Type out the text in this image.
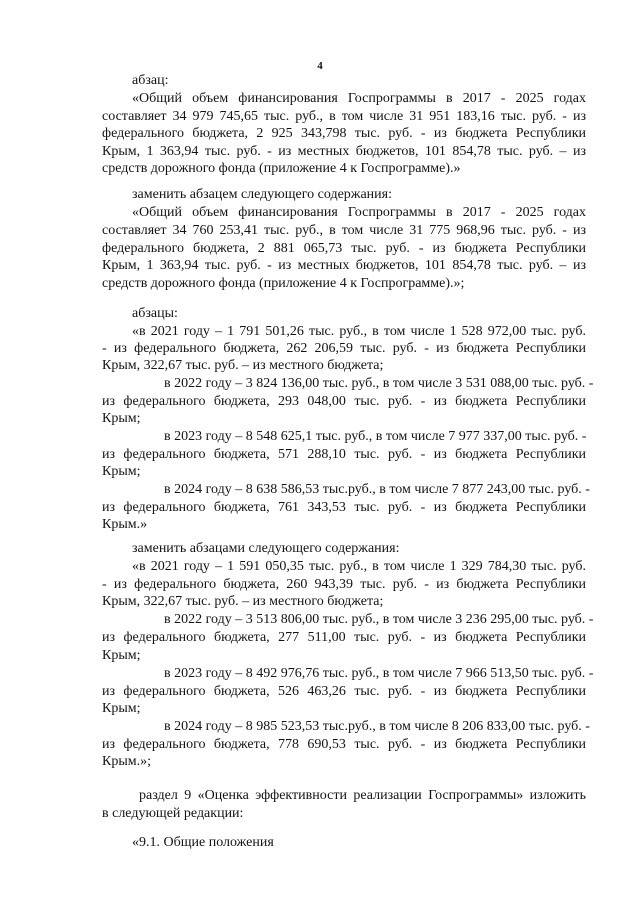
4
абзац:
«Общий объем финансирования Госпрограммы в 2017 - 2025 годах
составляет 34 979 745,65 тыс. руб., в том числе 31 951 183,16 тыс. руб. - из
федерального бюджета, 2 925 343,798 тыс. руб. - из бюджета Республики
Крым, 1 363,94 тыс. руб. - из местных бюджетов, 101 854,78 тыс. руб. – из
средств дорожного фонда (приложение 4 к Госпрограмме).»
заменить абзацем следующего содержания:
«Общий объем финансирования Госпрограммы в 2017 - 2025 годах
составляет 34 760 253,41 тыс. руб., в том числе 31 775 968,96 тыс. руб. - из
федерального бюджета, 2 881 065,73 тыс. руб. - из бюджета Республики
Крым, 1 363,94 тыс. руб. - из местных бюджетов, 101 854,78 тыс. руб. – из
средств дорожного фонда (приложение 4 к Госпрограмме).»;
абзацы:
«в 2021 году – 1 791 501,26 тыс. руб., в том числе 1 528 972,00 тыс. руб.
- из федерального бюджета, 262 206,59 тыс. руб. - из бюджета Республики
Крым, 322,67 тыс. руб. – из местного бюджета;
в 2022 году – 3 824 136,00 тыс. руб., в том числе 3 531 088,00 тыс. руб. -
из федерального бюджета, 293 048,00 тыс. руб. - из бюджета Республики
Крым;
в 2023 году – 8 548 625,1 тыс. руб., в том числе 7 977 337,00 тыс. руб. -
из федерального бюджета, 571 288,10 тыс. руб. - из бюджета Республики
Крым;
в 2024 году – 8 638 586,53 тыс.руб., в том числе 7 877 243,00 тыс. руб. -
из федерального бюджета, 761 343,53 тыс. руб. - из бюджета Республики
Крым.»
заменить абзацами следующего содержания:
«в 2021 году – 1 591 050,35 тыс. руб., в том числе 1 329 784,30 тыс. руб.
- из федерального бюджета, 260 943,39 тыс. руб. - из бюджета Республики
Крым, 322,67 тыс. руб. – из местного бюджета;
в 2022 году – 3 513 806,00 тыс. руб., в том числе 3 236 295,00 тыс. руб. -
из федерального бюджета, 277 511,00 тыс. руб. - из бюджета Республики
Крым;
в 2023 году – 8 492 976,76 тыс. руб., в том числе 7 966 513,50 тыс. руб. -
из федерального бюджета, 526 463,26 тыс. руб. - из бюджета Республики
Крым;
в 2024 году – 8 985 523,53 тыс.руб., в том числе 8 206 833,00 тыс. руб. -
из федерального бюджета, 778 690,53 тыс. руб. - из бюджета Республики
Крым.»;
раздел 9 «Оценка эффективности реализации Госпрограммы» изложить
в следующей редакции:
«9.1. Общие положения
